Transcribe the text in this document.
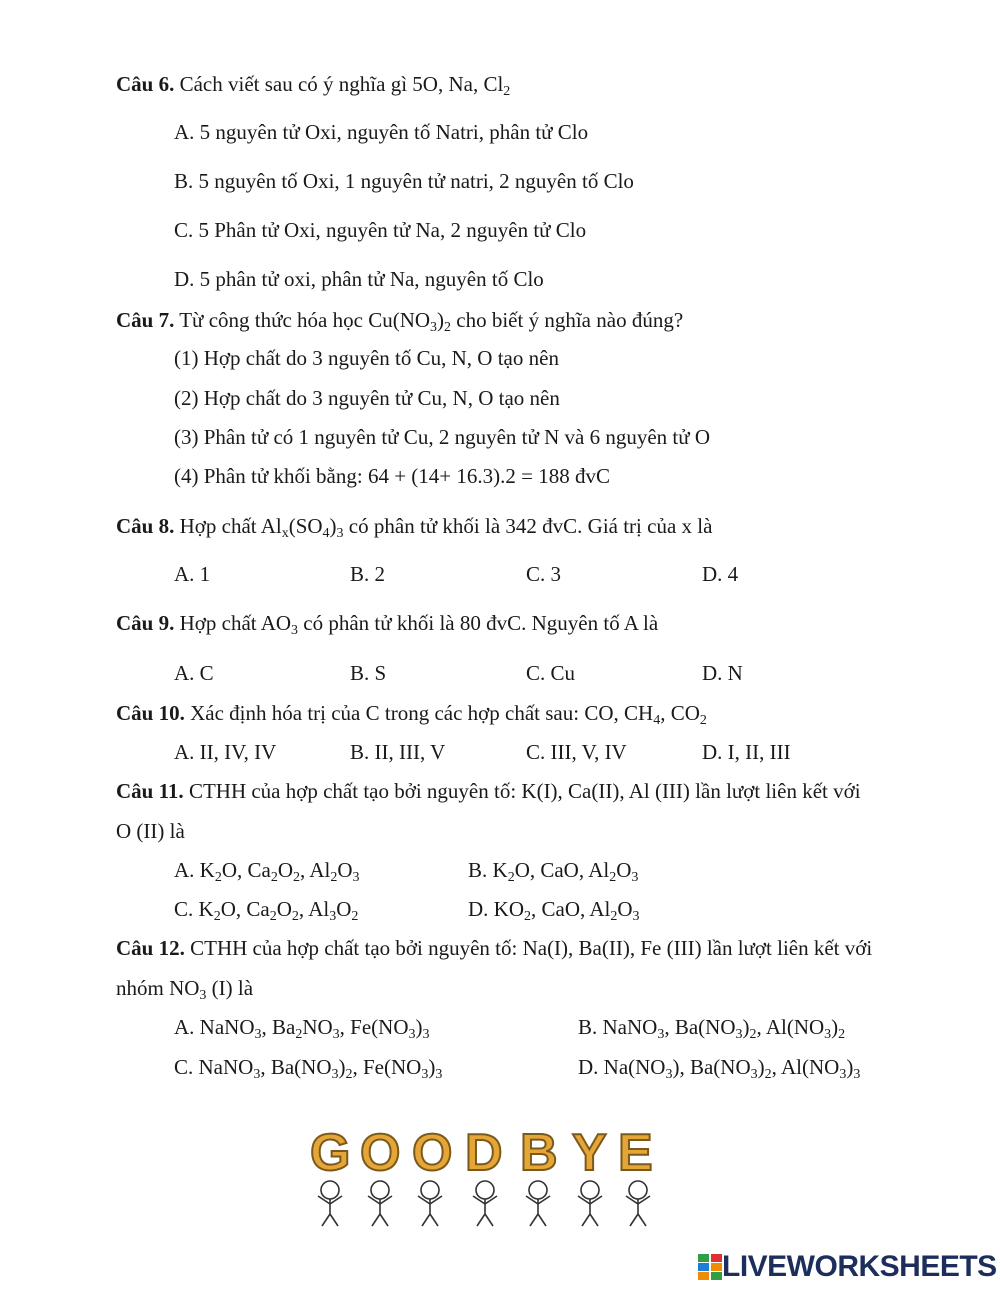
Câu 6. Cách viết sau có ý nghĩa gì 5O, Na, $Cl_2$
A. 5 nguyên tử Oxi, nguyên tố Natri, phân tử Clo
B. 5 nguyên tố Oxi, 1 nguyên tử natri, 2 nguyên tố Clo
C. 5 Phân tử Oxi, nguyên tử Na, 2 nguyên tử Clo
D. 5 phân tử oxi, phân tử Na, nguyên tố Clo
Câu 7. Từ công thức hóa học $Cu(NO_3)_2$ cho biết ý nghĩa nào đúng?
(1) Hợp chất do 3 nguyên tố Cu, N, O tạo nên
(2) Hợp chất do 3 nguyên tử Cu, N, O tạo nên
(3) Phân tử có 1 nguyên tử Cu, 2 nguyên tử N và 6 nguyên tử O
(4) Phân tử khối bằng: 64 + (14+ 16.3).2 = 188 đvC
Câu 8. Hợp chất $Al_x(SO_4)_3$ có phân tử khối là 342 đvC. Giá trị của x là
A. 1	B. 2	C. 3	D. 4
Câu 9. Hợp chất $AO_3$ có phân tử khối là 80 đvC. Nguyên tố A là
A. C	B. S	C. Cu	D. N
Câu 10. Xác định hóa trị của C trong các hợp chất sau: CO, $CH_4$, $CO_2$
A. II, IV, IV	B. II, III, V	C. III, V, IV	D. I, II, III
Câu 11. CTHH của hợp chất tạo bởi nguyên tố: K(I), Ca(II), Al (III) lần lượt liên kết với
O (II) là
A. $K_2O$, $Ca_2O_2$, $Al_2O_3$	B. $K_2O$, CaO, $Al_2O_3$
C. $K_2O$, $Ca_2O_2$, $Al_3O_2$	D. $KO_2$, CaO, $Al_2O_3$
Câu 12. CTHH của hợp chất tạo bởi nguyên tố: Na(I), Ba(II), Fe (III) lần lượt liên kết với
nhóm $NO_3$ (I) là
A. NaNO$_3$, $Ba_2NO_3$, $Fe(NO_3)_3$	B. NaNO$_3$, $Ba(NO_3)_2$, $Al(NO_3)_2$
C. NaNO$_3$, $Ba(NO_3)_2$, $Fe(NO_3)_3$	D. $Na(NO_3)$, $Ba(NO_3)_2$, $Al(NO_3)_3$
G O O D B Y E
LIVEWORKSHEETS
